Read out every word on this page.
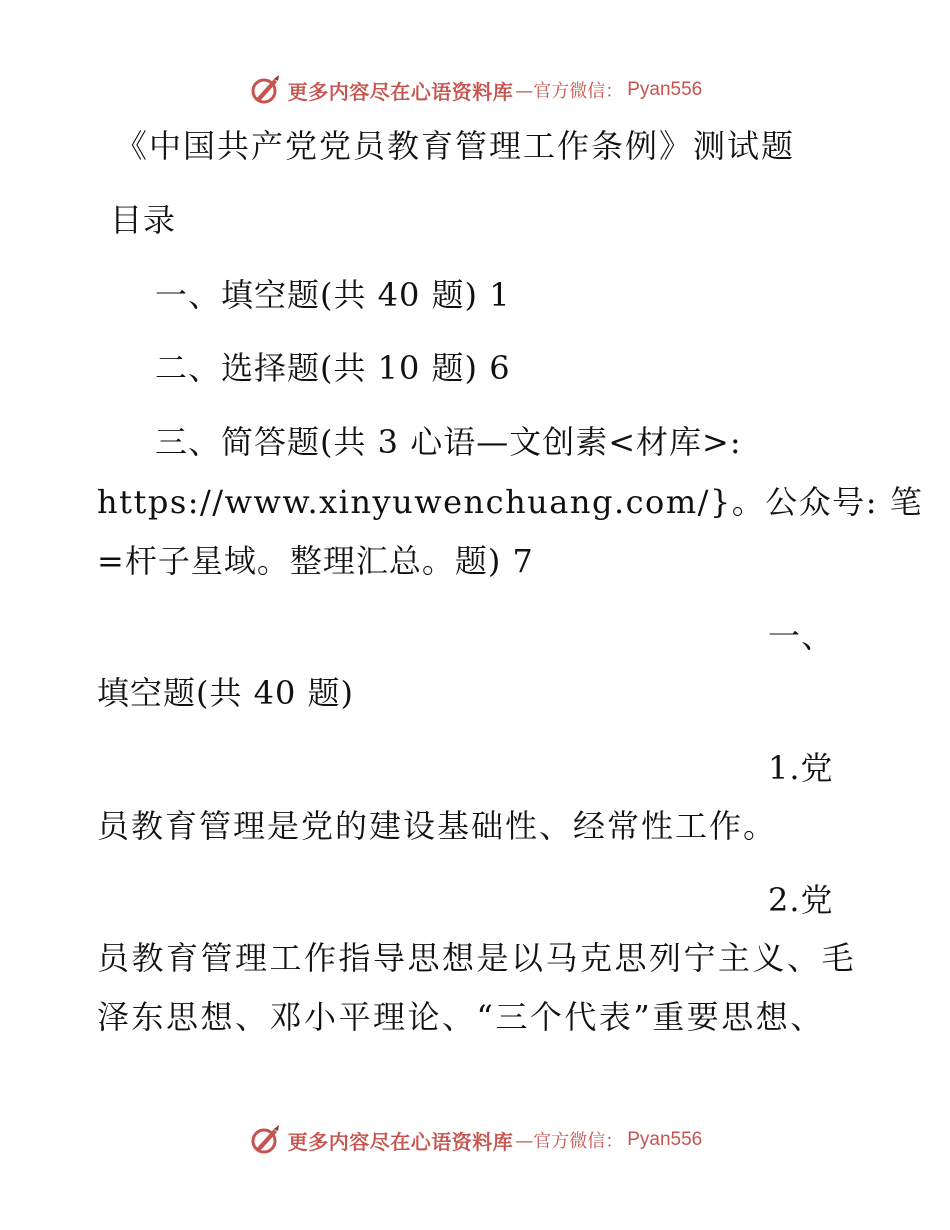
更多内容尽在心语资料库 —官方微信： Pyan556
《中国共产党党员教育管理工作条例》测试题
目录
一、填空题(共 40 题) 1
二、选择题(共 10 题) 6
三、简答题(共 3 心语—文创素<材库>:
https://www.xinyuwenchuang.com/}。公众号: 笔
=杆子星域。整理汇总。题) 7
一、
填空题(共 40 题)
1.党
员教育管理是党的建设基础性、经常性工作。
2.党
员教育管理工作指导思想是以马克思列宁主义、毛
泽东思想、邓小平理论、“三个代表”重要思想、
更多内容尽在心语资料库 —官方微信： Pyan556
